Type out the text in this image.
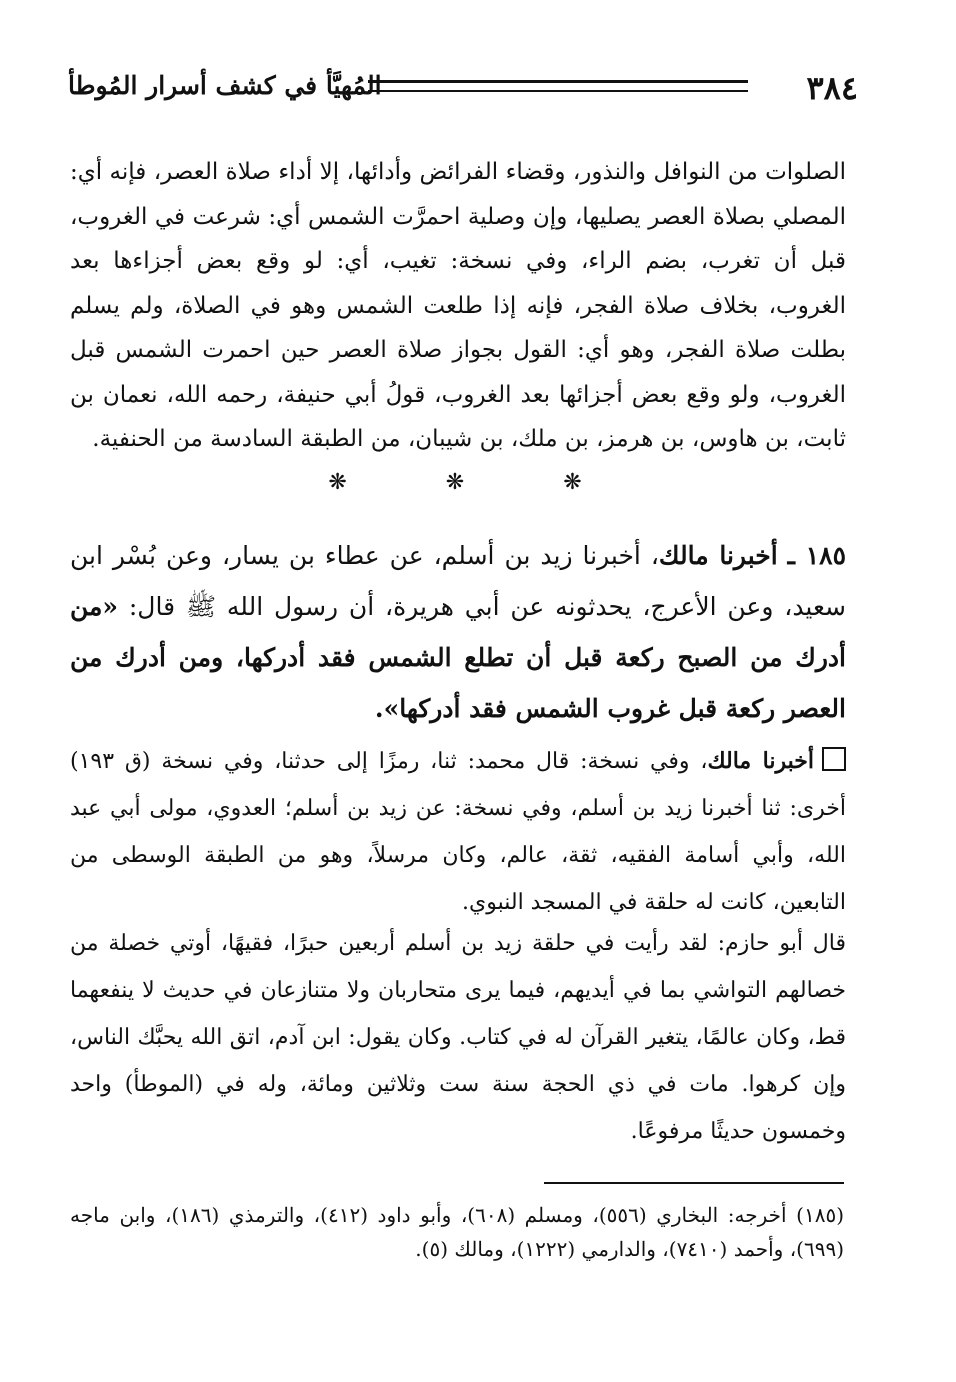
٣٨٤
المُهيَّأ في كشف أسرار المُوطأ

الصلوات من النوافل والنذور، وقضاء الفرائض وأدائها، إلا أداء صلاة العصر، فإنه أي: المصلي بصلاة العصر يصليها، وإن وصلية احمرَّت الشمس أي: شرعت في الغروب، قبل أن تغرب، بضم الراء، وفي نسخة: تغيب، أي: لو وقع بعض أجزاءها بعد الغروب، بخلاف صلاة الفجر، فإنه إذا طلعت الشمس وهو في الصلاة، ولم يسلم بطلت صلاة الفجر، وهو أي: القول بجواز صلاة العصر حين احمرت الشمس قبل الغروب، ولو وقع بعض أجزائها بعد الغروب، قولُ أبي حنيفة، رحمه الله، نعمان بن ثابت، بن هاوس، بن هرمز، بن ملك، بن شيبان، من الطبقة السادسة من الحنفية.

❋ ❋ ❋

١٨٥ ـ أخبرنا مالك، أخبرنا زيد بن أسلم، عن عطاء بن يسار، وعن بُسْر ابن سعيد، وعن الأعرج، يحدثونه عن أبي هريرة، أن رسول الله ﷺ قال: «من أدرك من الصبح ركعة قبل أن تطلع الشمس فقد أدركها، ومن أدرك من العصر ركعة قبل غروب الشمس فقد أدركها».

أخبرنا مالك، وفي نسخة: قال محمد: ثنا، رمزًا إلى حدثنا، وفي نسخة (ق ١٩٣) أخرى: ثنا أخبرنا زيد بن أسلم، وفي نسخة: عن زيد بن أسلم؛ العدوي، مولى أبي عبد الله، وأبي أسامة الفقيه، ثقة، عالم، وكان مرسلاً، وهو من الطبقة الوسطى من التابعين، كانت له حلقة في المسجد النبوي.

قال أبو حازم: لقد رأيت في حلقة زيد بن أسلم أربعين حبرًا، فقيهًا، أوتي خصلة من خصالهم التواشي بما في أيديهم، فيما يرى متحاربان ولا متنازعان في حديث لا ينفعهما قط، وكان عالمًا، يتغير القرآن له في كتاب. وكان يقول: ابن آدم، اتق الله يحبَّك الناس، وإن كرهوا. مات في ذي الحجة سنة ست وثلاثين ومائة، وله في (الموطأ) واحد وخمسون حديثًا مرفوعًا.

(١٨٥) أخرجه: البخاري (٥٥٦)، ومسلم (٦٠٨)، وأبو داود (٤١٢)، والترمذي (١٨٦)، وابن ماجه (٦٩٩)، وأحمد (٧٤١٠)، والدارمي (١٢٢٢)، ومالك (٥).
